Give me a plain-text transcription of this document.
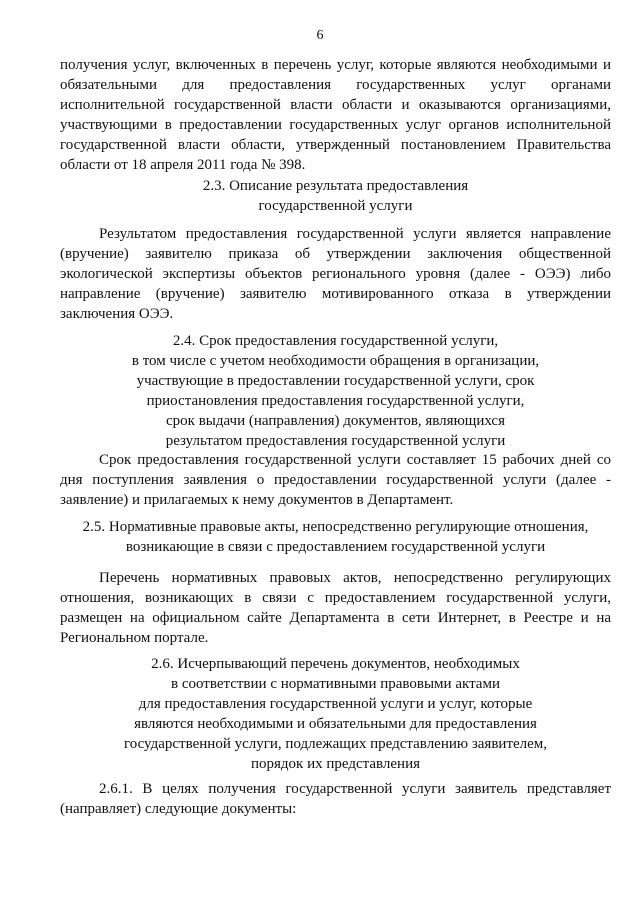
6

получения услуг, включенных в перечень услуг, которые являются необходимыми и обязательными для предоставления государственных услуг органами исполнительной государственной власти области и оказываются организациями, участвующими в предоставлении государственных услуг органов исполнительной государственной власти области, утвержденный постановлением Правительства области от 18 апреля 2011 года № 398.

2.3. Описание результата предоставления
государственной услуги

Результатом предоставления государственной услуги является направление (вручение) заявителю приказа об утверждении заключения общественной экологической экспертизы объектов регионального уровня (далее - ОЭЭ) либо направление (вручение) заявителю мотивированного отказа в утверждении заключения ОЭЭ.

2.4. Срок предоставления государственной услуги,
в том числе с учетом необходимости обращения в организации,
участвующие в предоставлении государственной услуги, срок
приостановления предоставления государственной услуги,
срок выдачи (направления) документов, являющихся
результатом предоставления государственной услуги

Срок предоставления государственной услуги составляет 15 рабочих дней со дня поступления заявления о предоставлении государственной услуги (далее - заявление) и прилагаемых к нему документов в Департамент.

2.5. Нормативные правовые акты, непосредственно регулирующие отношения,
возникающие в связи с предоставлением государственной услуги

Перечень нормативных правовых актов, непосредственно регулирующих отношения, возникающих в связи с предоставлением государственной услуги, размещен на официальном сайте Департамента в сети Интернет, в Реестре и на Региональном портале.

2.6. Исчерпывающий перечень документов, необходимых
в соответствии с нормативными правовыми актами
для предоставления государственной услуги и услуг, которые
являются необходимыми и обязательными для предоставления
государственной услуги, подлежащих представлению заявителем,
порядок их представления

2.6.1. В целях получения государственной услуги заявитель представляет (направляет) следующие документы:
